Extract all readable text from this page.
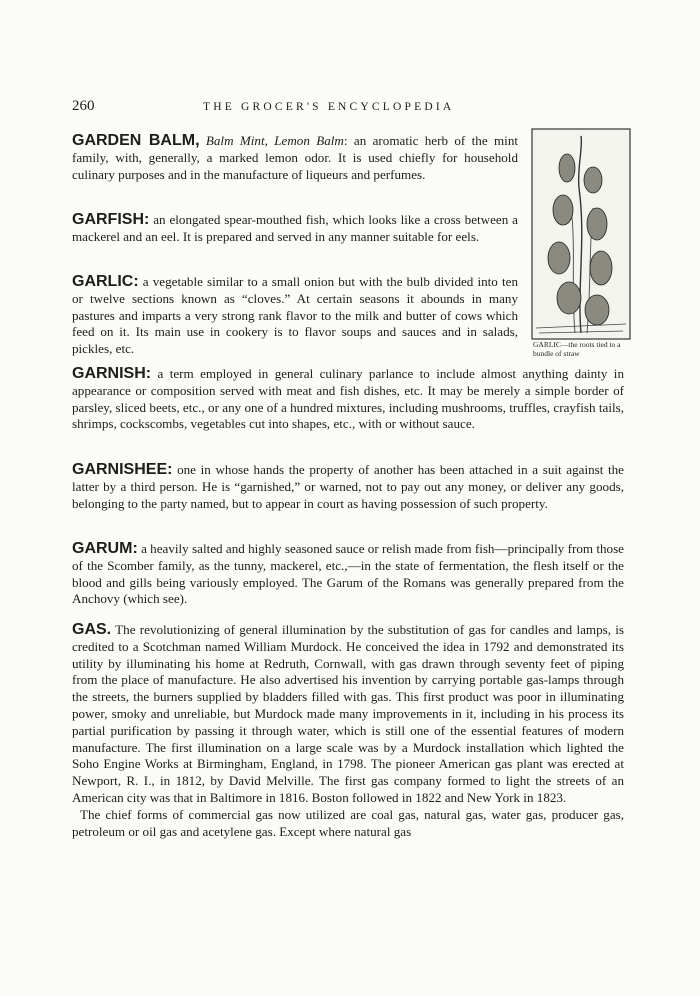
260	THE GROCER'S ENCYCLOPEDIA

GARDEN BALM, Balm Mint, Lemon Balm: an aromatic herb of the mint family, with, generally, a marked lemon odor. It is used chiefly for household culinary purposes and in the manufacture of liqueurs and perfumes.

GARFISH: an elongated spear-mouthed fish, which looks like a cross between a mackerel and an eel. It is prepared and served in any manner suitable for eels.

GARLIC: a vegetable similar to a small onion but with the bulb divided into ten or twelve sections known as “cloves.” At certain seasons it abounds in many pastures and imparts a very strong rank flavor to the milk and butter of cows which feed on it. Its main use in cookery is to flavor soups and sauces and in salads, pickles, etc.	GARLIC—the roots tied to a bundle of straw

GARNISH: a term employed in general culinary parlance to include almost anything dainty in appearance or composition served with meat and fish dishes, etc. It may be merely a simple border of parsley, sliced beets, etc., or any one of a hundred mixtures, including mushrooms, truffles, crayfish tails, shrimps, cockscombs, vegetables cut into shapes, etc., with or without sauce.

GARNISHEE: one in whose hands the property of another has been attached in a suit against the latter by a third person. He is “garnished,” or warned, not to pay out any money, or deliver any goods, belonging to the party named, but to appear in court as having possession of such property.

GARUM: a heavily salted and highly seasoned sauce or relish made from fish—principally from those of the Scomber family, as the tunny, mackerel, etc.,—in the state of fermentation, the flesh itself or the blood and gills being variously employed. The Garum of the Romans was generally prepared from the Anchovy (which see).

GAS. The revolutionizing of general illumination by the substitution of gas for candles and lamps, is credited to a Scotchman named William Murdock. He conceived the idea in 1792 and demonstrated its utility by illuminating his home at Redruth, Cornwall, with gas drawn through seventy feet of piping from the place of manufacture. He also advertised his invention by carrying portable gas-lamps through the streets, the burners supplied by bladders filled with gas. This first product was poor in illuminating power, smoky and unreliable, but Murdock made many improvements in it, including in his process its partial purification by passing it through water, which is still one of the essential features of modern manufacture. The first illumination on a large scale was by a Murdock installation which lighted the Soho Engine Works at Birmingham, England, in 1798. The pioneer American gas plant was erected at Newport, R. I., in 1812, by David Melville. The first gas company formed to light the streets of an American city was that in Baltimore in 1816. Boston followed in 1822 and New York in 1823.
The chief forms of commercial gas now utilized are coal gas, natural gas, water gas, producer gas, petroleum or oil gas and acetylene gas. Except where natural gas
